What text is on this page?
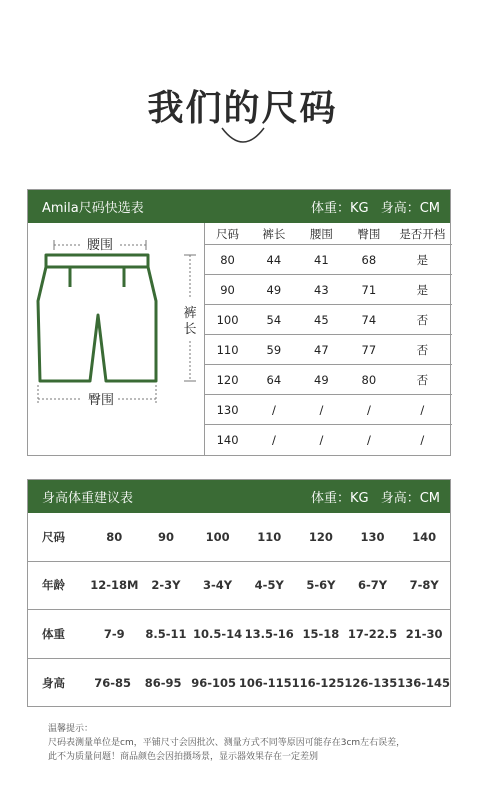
我们的尺码
Amila尺码快选表	体重：KG 身高：CM
腰围
臀围
裤长
尺码	裤长	腰围	臀围	是否开档
80	44	41	68	是
90	49	43	71	是
100	54	45	74	否
110	59	47	77	否
120	64	49	80	否
130	/	/	/	/
140	/	/	/	/
身高体重建议表	体重：KG 身高：CM
尺码	80	90	100	110	120	130	140
年龄	12-18M	2-3Y	3-4Y	4-5Y	5-6Y	6-7Y	7-8Y
体重	7-9	8.5-11 10.5-14 13.5-16 15-18 17-22.5 21-30
身高	76-85	86-95 96-105 106-115 116-125 126-135 136-145
温馨提示：
尺码表测量单位是cm，平铺尺寸会因批次、测量方式不同等原因可能存在3cm左右误差，
此不为质量问题！商品颜色会因拍摄场景，显示器效果存在一定差别
